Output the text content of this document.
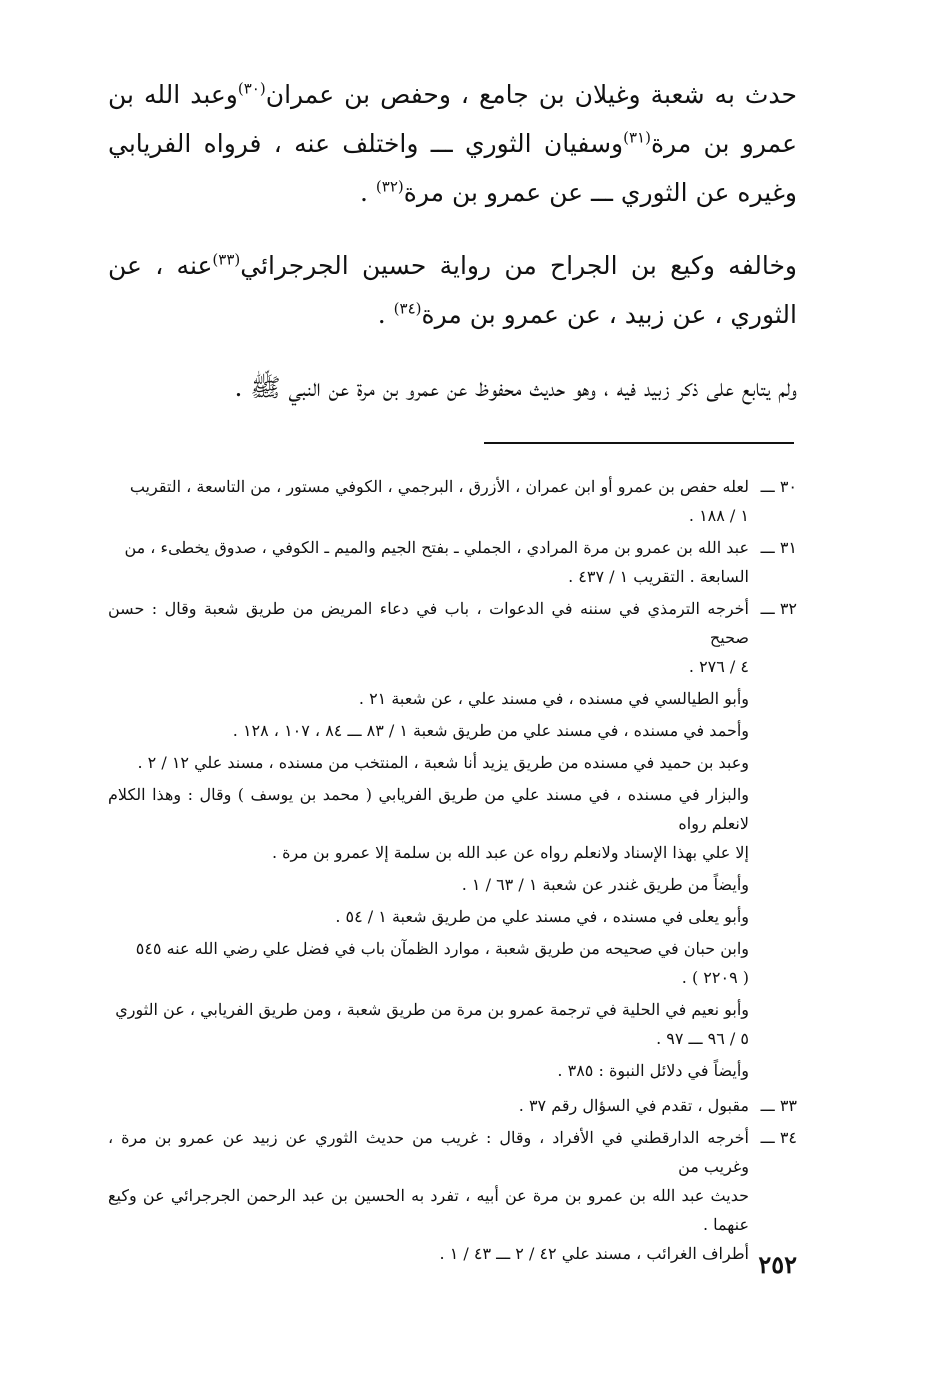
حدث به شعبة وغيلان بن جامع ، وحفص بن عمران$^{(٣٠)}$وعبد الله بن عمرو بن مرة$^{(٣١)}$وسفيان الثوري ـــ واختلف عنه ، فرواه الفريابي وغيره عن الثوري ـــ عن عمرو بن مرة$^{(٣٢)}$ .

وخالفه وكيع بن الجراح من رواية حسين الجرجرائي$^{(٣٣)}$عنه ، عن الثوري ، عن زبيد ، عن عمرو بن مرة$^{(٣٤)}$ .

ولم يتابع على ذكر زبيد فيه ، وهو حديث محفوظ عن عمرو بن مرة عن النبي ﷺ .

٣٠ ـــ
لعله حفص بن عمرو أو ابن عمران ، الأزرق ، البرجمي ، الكوفي مستور ، من التاسعة ، التقريب
١ / ١٨٨ .
٣١ ـــ
عبد الله بن عمرو بن مرة المرادي ، الجملي ـ بفتح الجيم والميم ـ الكوفي ، صدوق يخطىء ، من
السابعة . التقريب ١ / ٤٣٧ .
٣٢ ـــ
أخرجه الترمذي في سننه في الدعوات ، باب في دعاء المريض من طريق شعبة وقال : حسن صحيح
٤ / ٢٧٦ .
وأبو الطيالسي في مسنده ، في مسند علي ، عن شعبة ٢١ .
وأحمد في مسنده ، في مسند علي من طريق شعبة ١ / ٨٣ ـــ ٨٤ ، ١٠٧ ، ١٢٨ .
وعبد بن حميد في مسنده من طريق يزيد أنا شعبة ، المنتخب من مسنده ، مسند علي ١٢ / ٢ .
والبزار في مسنده ، في مسند علي من طريق الفريابي ( محمد بن يوسف ) وقال : وهذا الكلام لانعلم رواه
إلا علي بهذا الإسناد ولانعلم رواه عن عبد الله بن سلمة إلا عمرو بن مرة .
وأيضاً من طريق غندر عن شعبة ١ / ٦٣ / ١ .
وأبو يعلى في مسنده ، في مسند علي من طريق شعبة ١ / ٥٤ .
وابن حبان في صحيحه من طريق شعبة ، موارد الظمآن باب في فضل علي رضي الله عنه ٥٤٥
( ٢٢٠٩ ) .
وأبو نعيم في الحلية في ترجمة عمرو بن مرة من طريق شعبة ، ومن طريق الفريابي ، عن الثوري
٥ / ٩٦ ـــ ٩٧ .
وأيضاً في دلائل النبوة : ٣٨٥ .
٣٣ ـــ
مقبول ، تقدم في السؤال رقم ٣٧ .
٣٤ ـــ
أخرجه الدارقطني في الأفراد ، وقال : غريب من حديث الثوري عن زبيد عن عمرو بن مرة ، وغريب من
حديث عبد الله بن عمرو بن مرة عن أبيه ، تفرد به الحسين بن عبد الرحمن الجرجرائي عن وكيع عنهما .
أطراف الغرائب ، مسند علي ٤٢ / ٢ ـــ ٤٣ / ١ . ٢٥٢
